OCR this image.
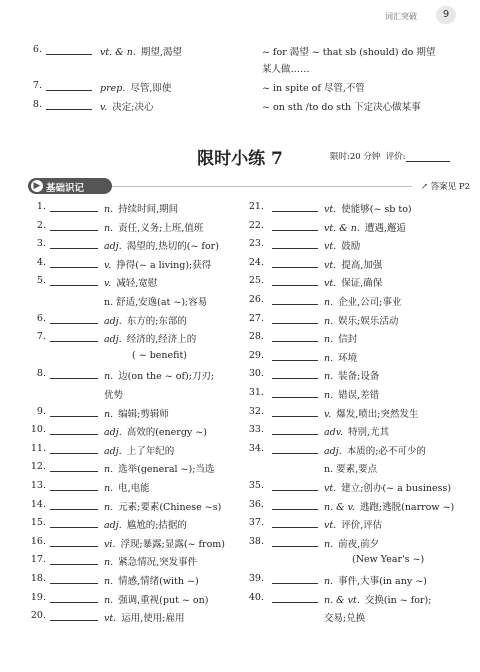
词汇突破	9
6.	vt. & n. 期望,渴望	~ for 渴望 ~ that sb (should) do 期望
某人做……
7.	prep. 尽管,即使	~ in spite of 尽管,不管
8.	v. 决定;决心	~ on sth /to do sth 下定决心做某事
限时小练 7	限时:20 分钟 评价:
▶ 基础识记	↗ 答案见 P2
1.	n. 持续时间,期间
2.	n. 责任,义务;上班,值班
3.	adj. 渴望的,热切的(~ for)
4.	v. 挣得(~ a living);获得
5.	v. 减轻,宽慰
n. 舒适,安逸(at ~);容易
6.	adj. 东方的;东部的
7.	adj. 经济的,经济上的
( ~ benefit)
8.	n. 边(on the ~ of);刀刃;
优势
9.	n. 编辑;剪辑师
10.	adj. 高效的(energy ~)
11.	adj. 上了年纪的
12.	n. 选举(general ~);当选
13.	n. 电,电能
14.	n. 元素;要素(Chinese ~s)
15.	adj. 尴尬的;拮据的
16.	vi. 浮现;暴露;显露(~ from)
17.	n. 紧急情况,突发事件
18.	n. 情感,情绪(with ~)
19.	n. 强调,重视(put ~ on)
20.	vt. 运用,使用;雇用
21.	vt. 使能够(~ sb to)
22.	vt. & n. 遭遇,邂逅
23.	vt. 鼓励
24.	vt. 提高,加强
25.	vt. 保证,确保
26.	n. 企业,公司;事业
27.	n. 娱乐;娱乐活动
28.	n. 信封
29.	n. 环境
30.	n. 装备;设备
31.	n. 错误,差错
32.	v. 爆发,喷出;突然发生
33.	adv. 特别,尤其
34.	adj. 本质的;必不可少的
n. 要素,要点
35.	vt. 建立;创办(~ a business)
36.	n. & v. 逃跑;逃脱(narrow ~)
37.	vt. 评价,评估
38.	n. 前夜,前夕
(New Year's ~)
39.	n. 事件,大事(in any ~)
40.	n. & vt. 交换(in ~ for);
交易;兑换
